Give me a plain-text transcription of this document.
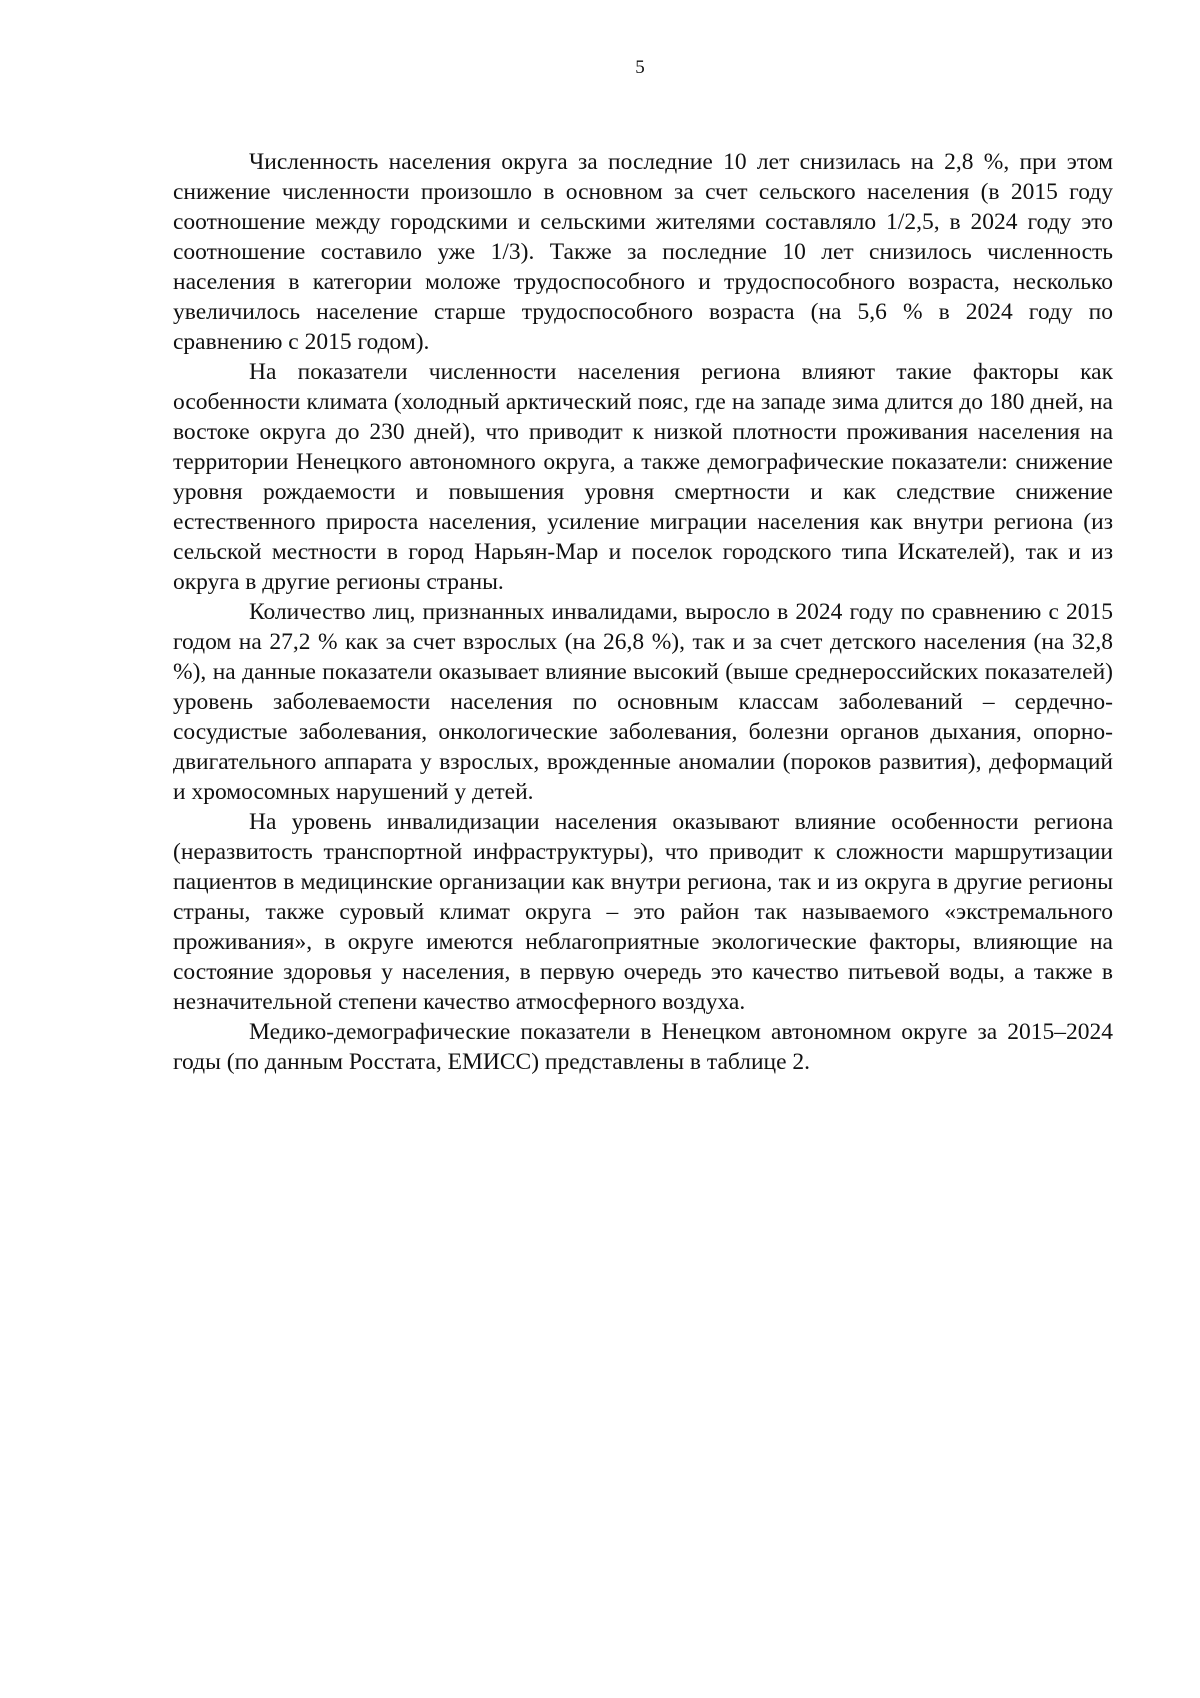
5

Численность населения округа за последние 10 лет снизилась на 2,8 %, при этом снижение численности произошло в основном за счет сельского населения (в 2015 году соотношение между городскими и сельскими жителями составляло 1/2,5, в 2024 году это соотношение составило уже 1/3). Также за последние 10 лет снизилось численность населения в категории моложе трудоспособного и трудоспособного возраста, несколько увеличилось население старше трудоспособного возраста (на 5,6 % в 2024 году по сравнению с 2015 годом).

На показатели численности населения региона влияют такие факторы как особенности климата (холодный арктический пояс, где на западе зима длится до 180 дней, на востоке округа до 230 дней), что приводит к низкой плотности проживания населения на территории Ненецкого автономного округа, а также демографические показатели: снижение уровня рождаемости и повышения уровня смертности и как следствие снижение естественного прироста населения, усиление миграции населения как внутри региона (из сельской местности в город Нарьян-Мар и поселок городского типа Искателей), так и из округа в другие регионы страны.

Количество лиц, признанных инвалидами, выросло в 2024 году по сравнению с 2015 годом на 27,2 % как за счет взрослых (на 26,8 %), так и за счет детского населения (на 32,8 %), на данные показатели оказывает влияние высокий (выше среднероссийских показателей) уровень заболеваемости населения по основным классам заболеваний – сердечно-сосудистые заболевания, онкологические заболевания, болезни органов дыхания, опорно-двигательного аппарата у взрослых, врожденные аномалии (пороков развития), деформаций и хромосомных нарушений у детей.

На уровень инвалидизации населения оказывают влияние особенности региона (неразвитость транспортной инфраструктуры), что приводит к сложности маршрутизации пациентов в медицинские организации как внутри региона, так и из округа в другие регионы страны, также суровый климат округа – это район так называемого «экстремального проживания», в округе имеются неблагоприятные экологические факторы, влияющие на состояние здоровья у населения, в первую очередь это качество питьевой воды, а также в незначительной степени качество атмосферного воздуха.

Медико-демографические показатели в Ненецком автономном округе за 2015–2024 годы (по данным Росстата, ЕМИСС) представлены в таблице 2.
